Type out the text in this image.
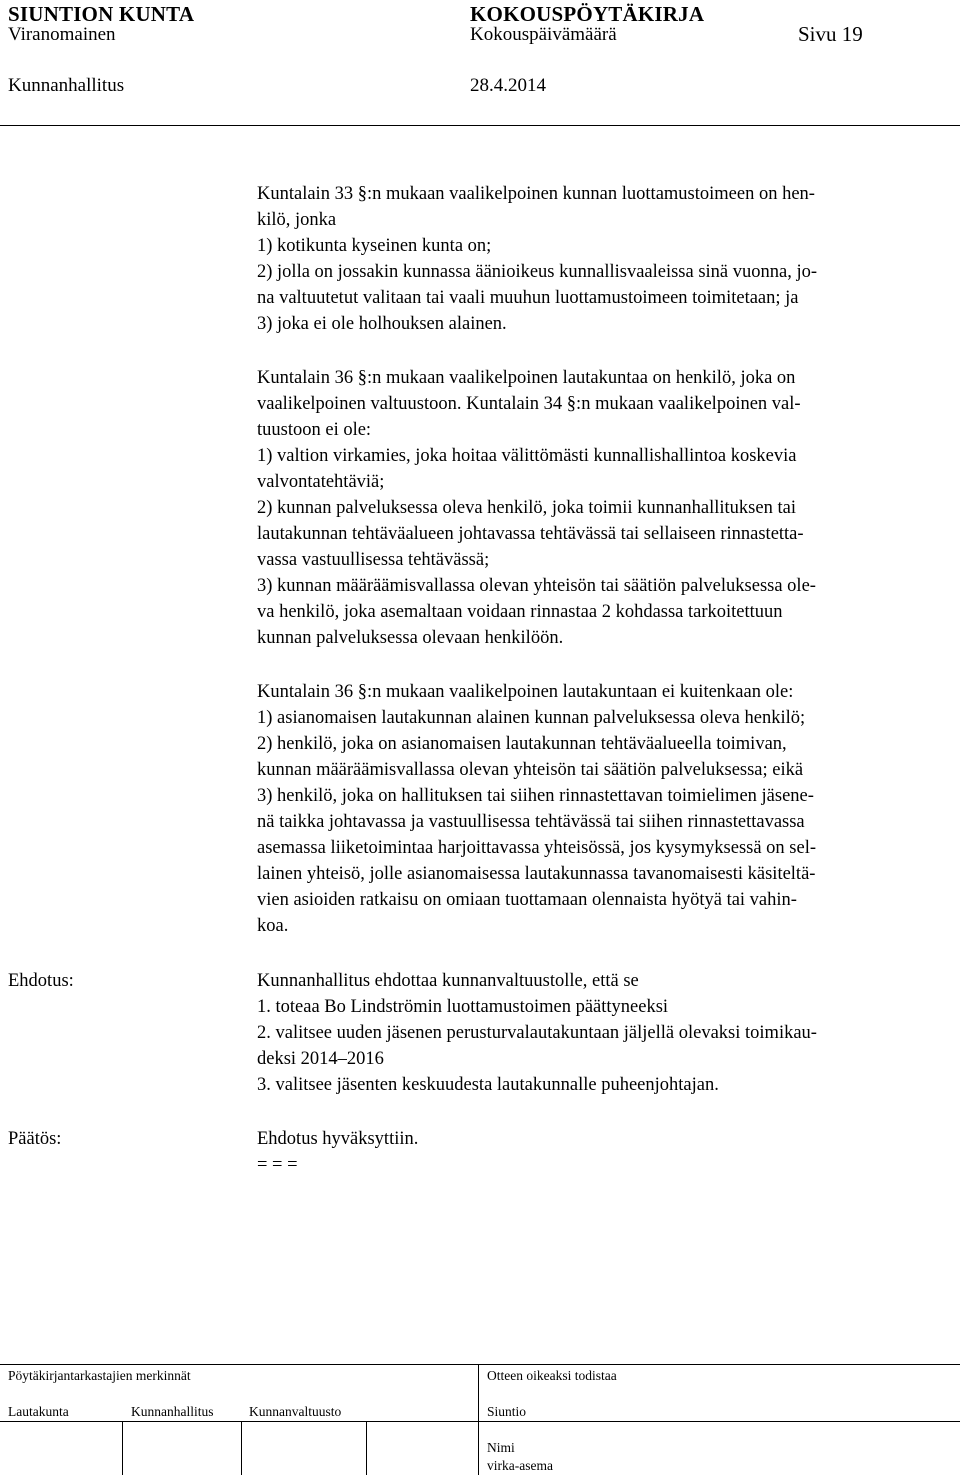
SIUNTION KUNTA	KOKOUSPÖYTÄKIRJA
Viranomainen	Kokouspäivämäärä	Sivu 19
Kunnanhallitus	28.4.2014
Kuntalain 33 §:n mukaan vaalikelpoinen kunnan luottamustoimeen on hen-
kilö, jonka
1) kotikunta kyseinen kunta on;
2) jolla on jossakin kunnassa äänioikeus kunnallisvaaleissa sinä vuonna, jo-
na valtuutetut valitaan tai vaali muuhun luottamustoimeen toimitetaan; ja
3) joka ei ole holhouksen alainen.
Kuntalain 36 §:n mukaan vaalikelpoinen lautakuntaa on henkilö, joka on
vaalikelpoinen valtuustoon. Kuntalain 34 §:n mukaan vaalikelpoinen val-
tuustoon ei ole:
1) valtion virkamies, joka hoitaa välittömästi kunnallishallintoa koskevia
valvontatehtäviä;
2) kunnan palveluksessa oleva henkilö, joka toimii kunnanhallituksen tai
lautakunnan tehtäväalueen johtavassa tehtävässä tai sellaiseen rinnastetta-
vassa vastuullisessa tehtävässä;
3) kunnan määräämisvallassa olevan yhteisön tai säätiön palveluksessa ole-
va henkilö, joka asemaltaan voidaan rinnastaa 2 kohdassa tarkoitettuun
kunnan palveluksessa olevaan henkilöön.
Kuntalain 36 §:n mukaan vaalikelpoinen lautakuntaan ei kuitenkaan ole:
1) asianomaisen lautakunnan alainen kunnan palveluksessa oleva henkilö;
2) henkilö, joka on asianomaisen lautakunnan tehtäväalueella toimivan,
kunnan määräämisvallassa olevan yhteisön tai säätiön palveluksessa; eikä
3) henkilö, joka on hallituksen tai siihen rinnastettavan toimielimen jäsene-
nä taikka johtavassa ja vastuullisessa tehtävässä tai siihen rinnastettavassa
asemassa liiketoimintaa harjoittavassa yhteisössä, jos kysymyksessä on sel-
lainen yhteisö, jolle asianomaisessa lautakunnassa tavanomaisesti käsiteltä-
vien asioiden ratkaisu on omiaan tuottamaan olennaista hyötyä tai vahin-
koa.
Ehdotus:	Kunnanhallitus ehdottaa kunnanvaltuustolle, että se
1. toteaa Bo Lindströmin luottamustoimen päättyneeksi
2. valitsee uuden jäsenen perusturvalautakuntaan jäljellä olevaksi toimikau-
deksi 2014–2016
3. valitsee jäsenten keskuudesta lautakunnalle puheenjohtajan.
Päätös:	Ehdotus hyväksyttiin.
= = =
Pöytäkirjantarkastajien merkinnät	Otteen oikeaksi todistaa
Lautakunta	Kunnanhallitus	Kunnanvaltuusto	Siuntio
Nimi
virka-asema
